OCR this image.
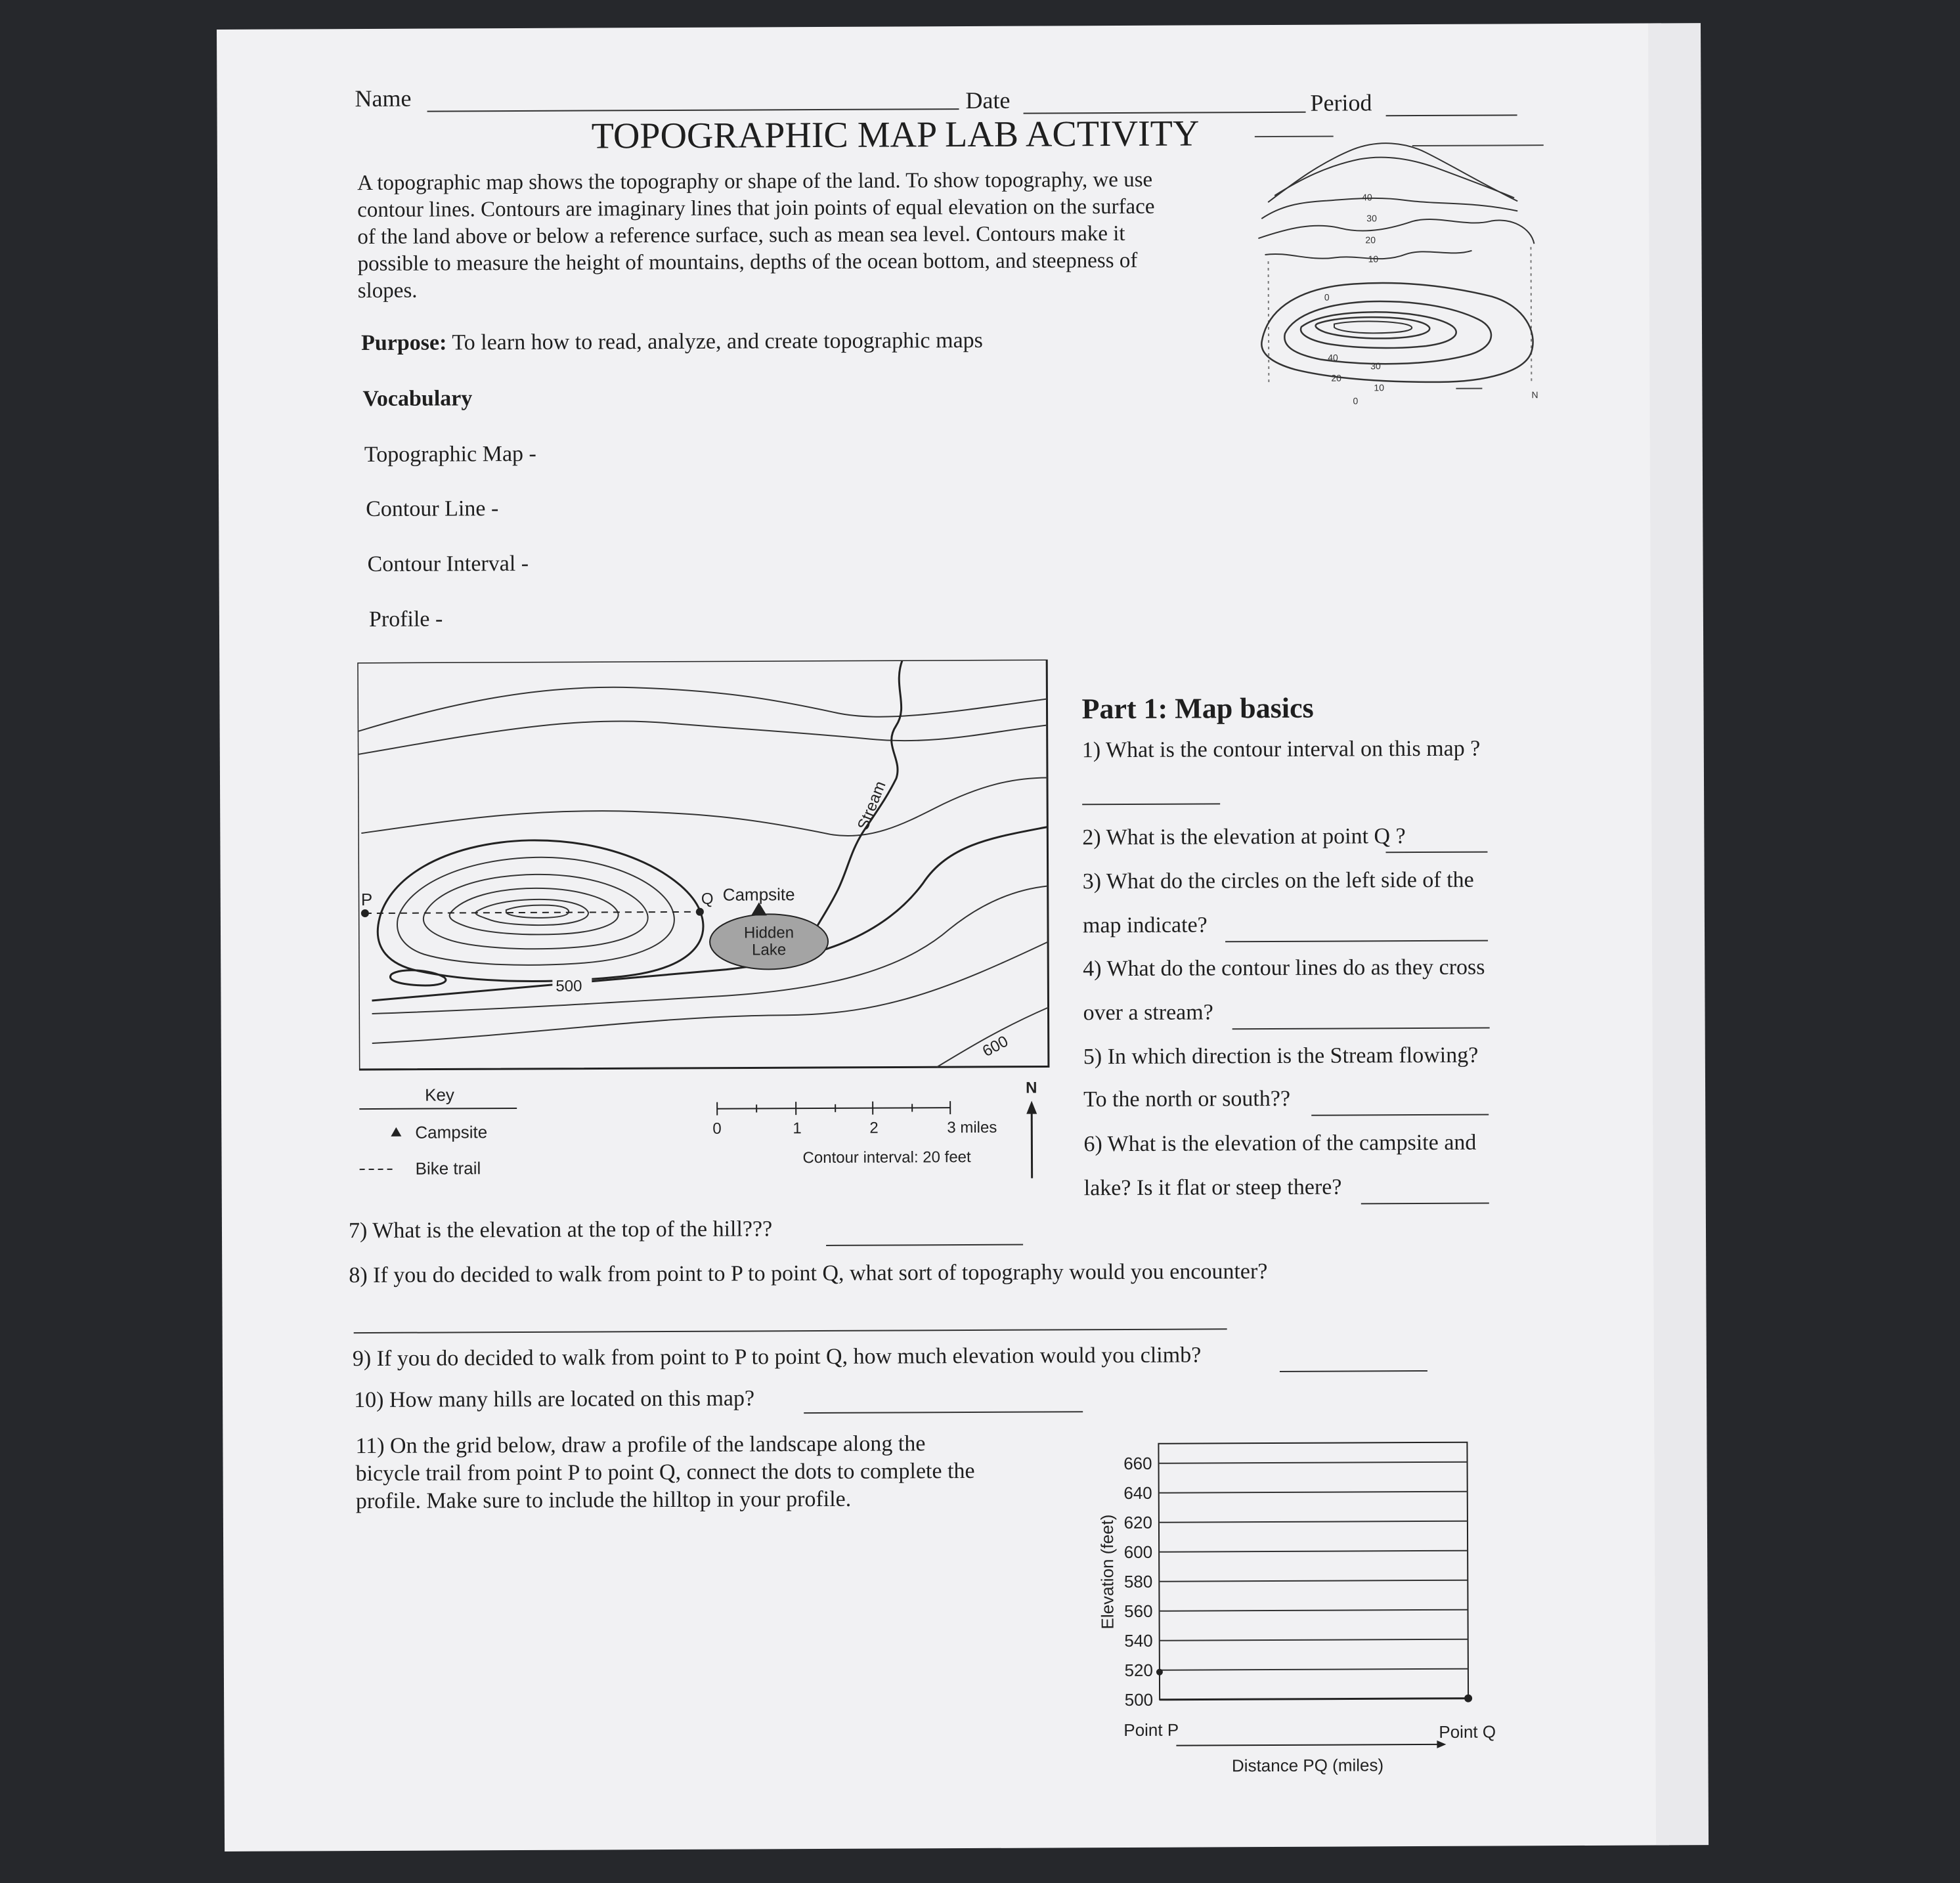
Name	Date	Period
TOPOGRAPHIC MAP LAB ACTIVITY
A topographic map shows the topography or shape of the land. To show topography, we use
contour lines. Contours are imaginary lines that join points of equal elevation on the surface
of the land above or below a reference surface, such as mean sea level. Contours make it
possible to measure the height of mountains, depths of the ocean bottom, and steepness of
slopes.
Purpose: To learn how to read, analyze, and create topographic maps
Vocabulary
Topographic Map -
Contour Line -
Contour Interval -
Profile -
40
30
20
10
0
40
30
20
10
0
N
P	Q Campsite
Hidden
Lake
Stream
500
600
Key
Campsite
Bike trail
0	1	2	3 miles
Contour interval: 20 feet
N
Part 1: Map basics
1) What is the contour interval on this map ?
2) What is the elevation at point Q ?
3) What do the circles on the left side of the
map indicate?
4) What do the contour lines do as they cross
over a stream?
5) In which direction is the Stream flowing?
To the north or south??
6) What is the elevation of the campsite and
lake? Is it flat or steep there?
7) What is the elevation at the top of the hill???
8) If you do decided to walk from point to P to point Q, what sort of topography would you encounter?
9) If you do decided to walk from point to P to point Q, how much elevation would you climb?
10) How many hills are located on this map?
11) On the grid below, draw a profile of the landscape along the
bicycle trail from point P to point Q, connect the dots to complete the
profile. Make sure to include the hilltop in your profile.
660
640
620
600
580
560
540
520
500
Elevation (feet)
Point P	Point Q
Distance PQ (miles)
